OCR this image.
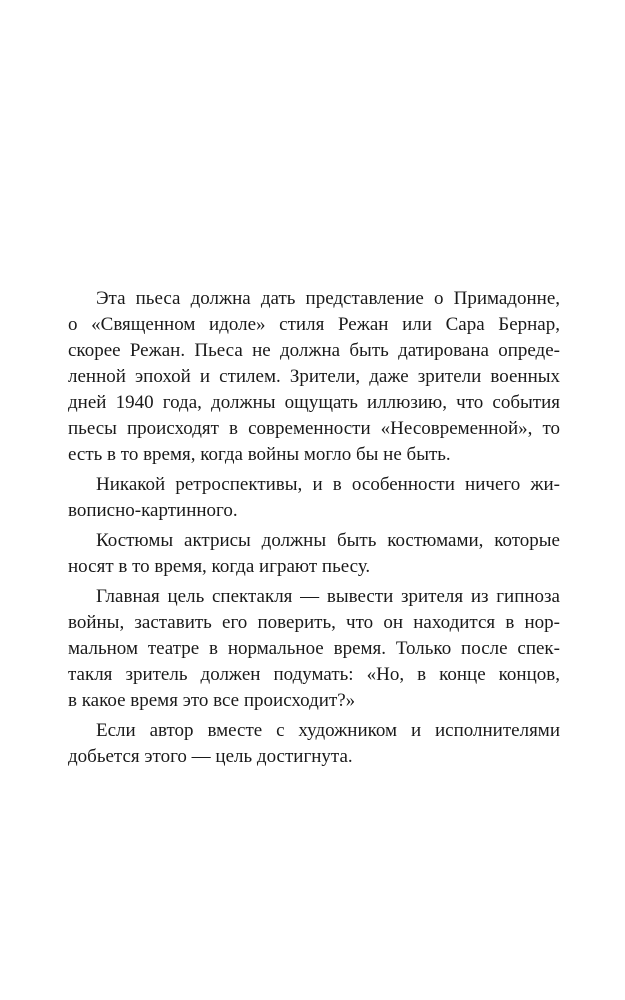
Эта пьеса должна дать представление о Примадонне,
о «Священном идоле» стиля Режан или Сара Бернар,
скорее Режан. Пьеса не должна быть датирована опреде-
ленной эпохой и стилем. Зрители, даже зрители военных
дней 1940 года, должны ощущать иллюзию, что события
пьесы происходят в современности «Несовременной», то
есть в то время, когда войны могло бы не быть.
Никакой ретроспективы, и в особенности ничего жи-
вописно-картинного.
Костюмы актрисы должны быть костюмами, которые
носят в то время, когда играют пьесу.
Главная цель спектакля — вывести зрителя из гипноза
войны, заставить его поверить, что он находится в нор-
мальном театре в нормальное время. Только после спек-
такля зритель должен подумать: «Но, в конце концов,
в какое время это все происходит?»
Если автор вместе с художником и исполнителями
добьется этого — цель достигнута.
